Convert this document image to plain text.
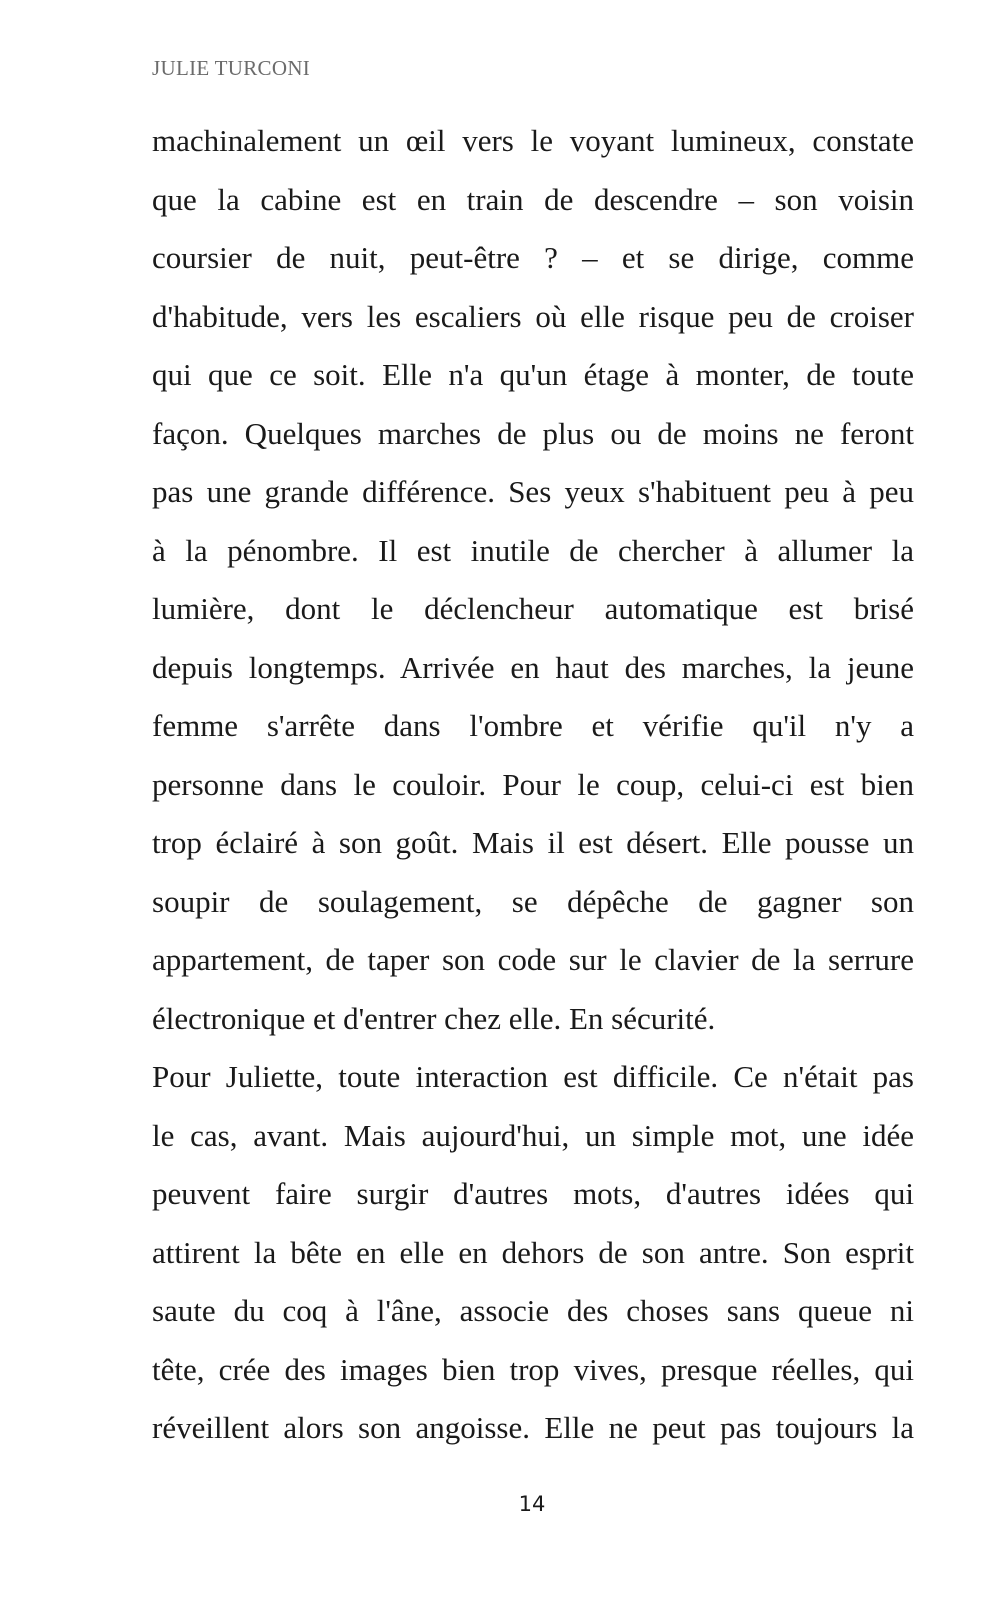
JULIE TURCONI
machinalement un œil vers le voyant lumineux, constate
que la cabine est en train de descendre – son voisin
coursier de nuit, peut-être ? – et se dirige, comme
d'habitude, vers les escaliers où elle risque peu de croiser
qui que ce soit. Elle n'a qu'un étage à monter, de toute
façon. Quelques marches de plus ou de moins ne feront
pas une grande différence. Ses yeux s'habituent peu à peu
à la pénombre. Il est inutile de chercher à allumer la
lumière, dont le déclencheur automatique est brisé
depuis longtemps. Arrivée en haut des marches, la jeune
femme s'arrête dans l'ombre et vérifie qu'il n'y a
personne dans le couloir. Pour le coup, celui-ci est bien
trop éclairé à son goût. Mais il est désert. Elle pousse un
soupir de soulagement, se dépêche de gagner son
appartement, de taper son code sur le clavier de la serrure
électronique et d'entrer chez elle. En sécurité.
Pour Juliette, toute interaction est difficile. Ce n'était pas
le cas, avant. Mais aujourd'hui, un simple mot, une idée
peuvent faire surgir d'autres mots, d'autres idées qui
attirent la bête en elle en dehors de son antre. Son esprit
saute du coq à l'âne, associe des choses sans queue ni
tête, crée des images bien trop vives, presque réelles, qui
réveillent alors son angoisse. Elle ne peut pas toujours la
14
